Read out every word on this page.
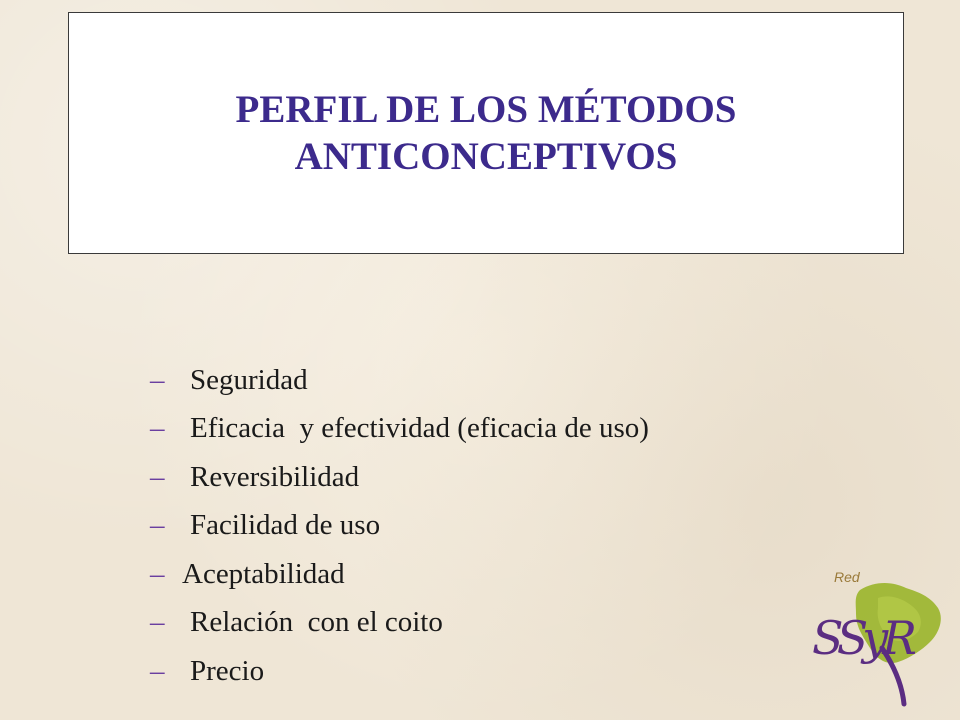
PERFIL DE LOS MÉTODOS
ANTICONCEPTIVOS
– Seguridad
– Eficacia  y efectividad (eficacia de uso)
– Reversibilidad
– Facilidad de uso
– Aceptabilidad
– Relación  con el coito
– Precio
Red
SSyR
